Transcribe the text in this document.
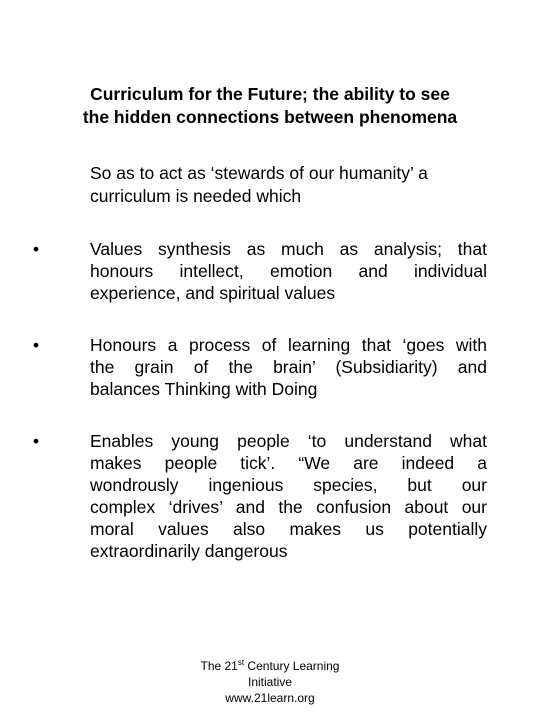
Curriculum for the Future; the ability to see
the hidden connections between phenomena
So as to act as ‘stewards of our humanity’ a
curriculum is needed which
•	Values synthesis as much as analysis; that
honours intellect, emotion and individual
experience, and spiritual values
•	Honours a process of learning that ‘goes with
the grain of the brain’ (Subsidiarity) and
balances Thinking with Doing
•	Enables young people ‘to understand what
makes people tick’. “We are indeed a
wondrously ingenious species, but our
complex ‘drives’ and the confusion about our
moral values also makes us potentially
extraordinarily dangerous
The 21st Century Learning
Initiative
www.21learn.org
